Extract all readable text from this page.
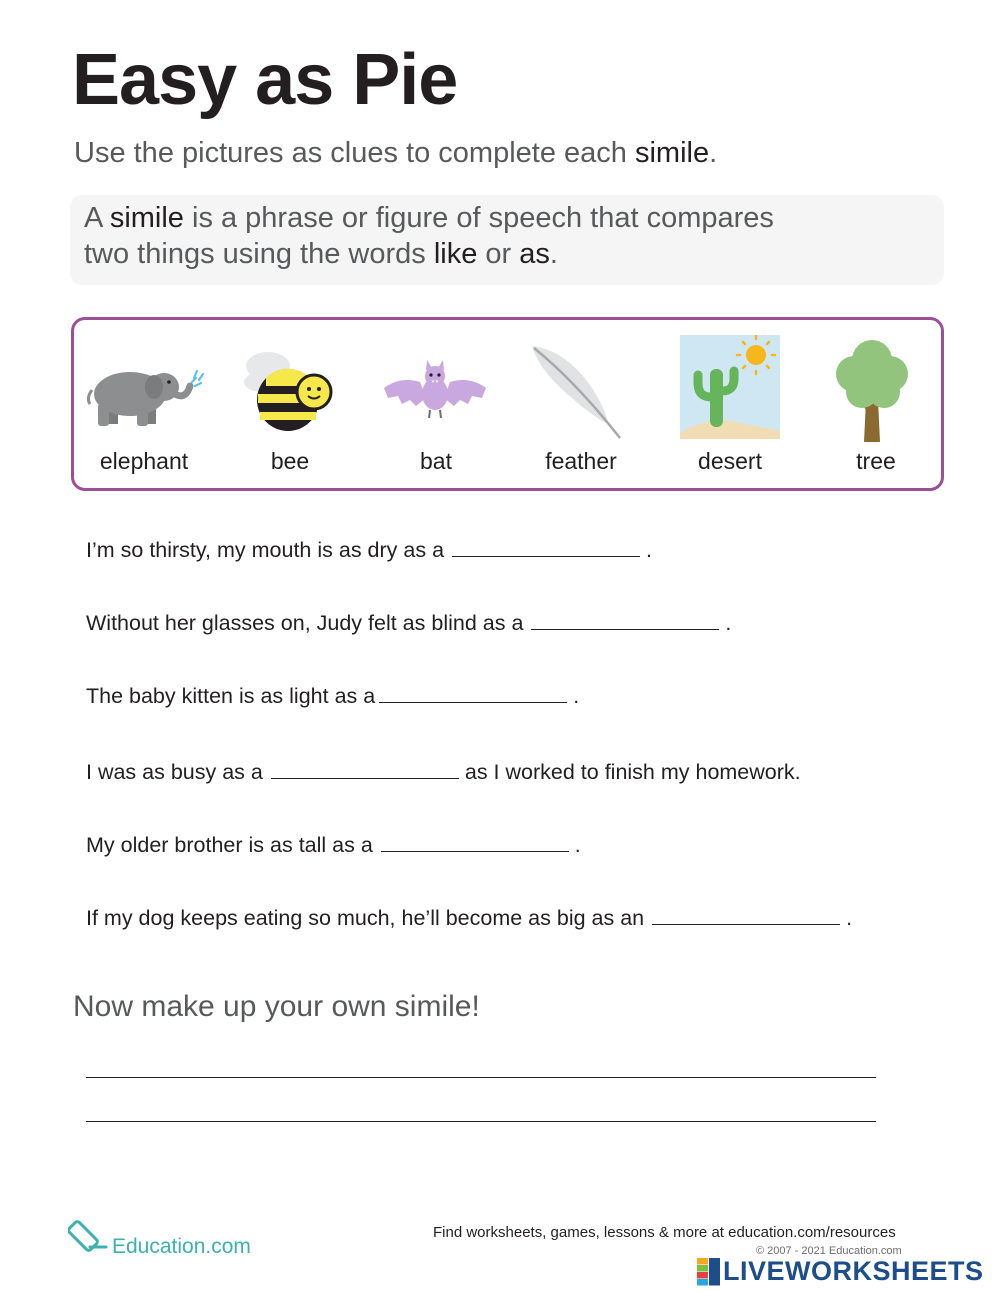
Easy as Pie
Use the pictures as clues to complete each simile.
A simile is a phrase or figure of speech that compares
two things using the words like or as.
elephant	bee	bat	feather	desert	tree
I’m so thirsty, my mouth is as dry as a	.
Without her glasses on, Judy felt as blind as a	.
The baby kitten is as light as a	.
I was as busy as a	as I worked to finish my homework.
My older brother is as tall as a	.
If my dog keeps eating so much, he’ll become as big as an	.
Now make up your own simile!
Education.com
Find worksheets, games, lessons & more at education.com/resources
© 2007 - 2021 Education.com
LIVEWORKSHEETS
